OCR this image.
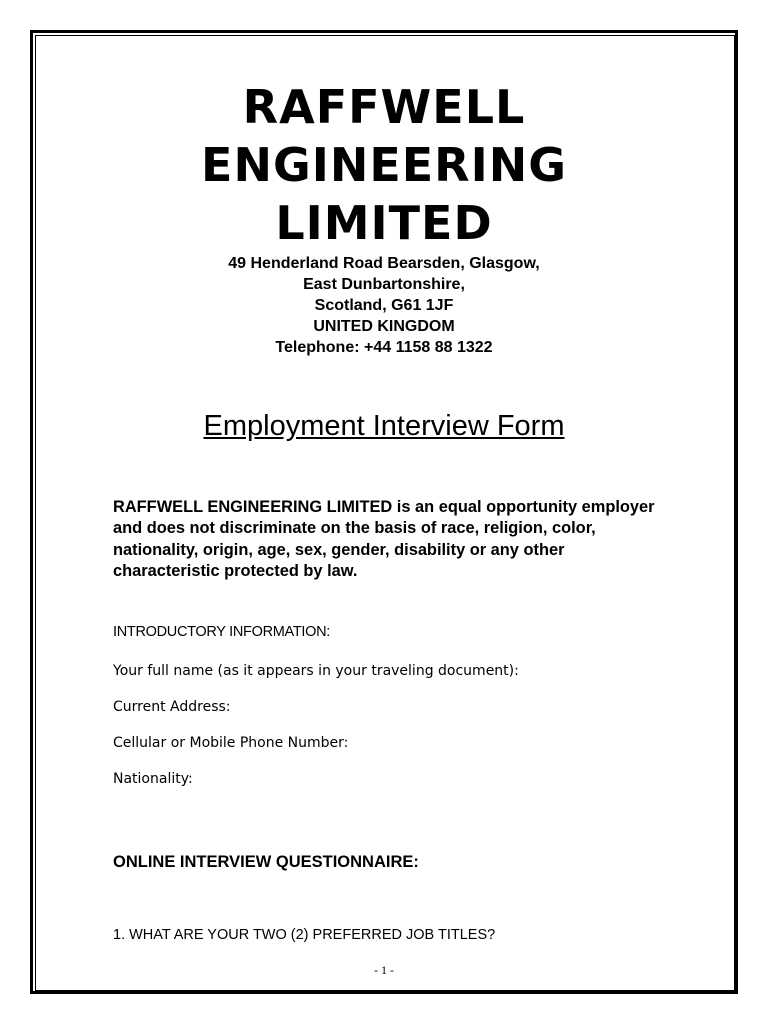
RAFFWELL
ENGINEERING
LIMITED
49 Henderland Road Bearsden, Glasgow,
East Dunbartonshire,
Scotland, G61 1JF
UNITED KINGDOM
Telephone: +44 1158 88 1322
Employment Interview Form
RAFFWELL ENGINEERING LIMITED is an equal opportunity employer and does not discriminate on the basis of race, religion, color, nationality, origin, age, sex, gender, disability or any other characteristic protected by law.
INTRODUCTORY INFORMATION:
Your full name (as it appears in your traveling document):
Current Address:
Cellular or Mobile Phone Number:
Nationality:
ONLINE INTERVIEW QUESTIONNAIRE:
1. WHAT ARE YOUR TWO (2) PREFERRED JOB TITLES?
- 1 -
